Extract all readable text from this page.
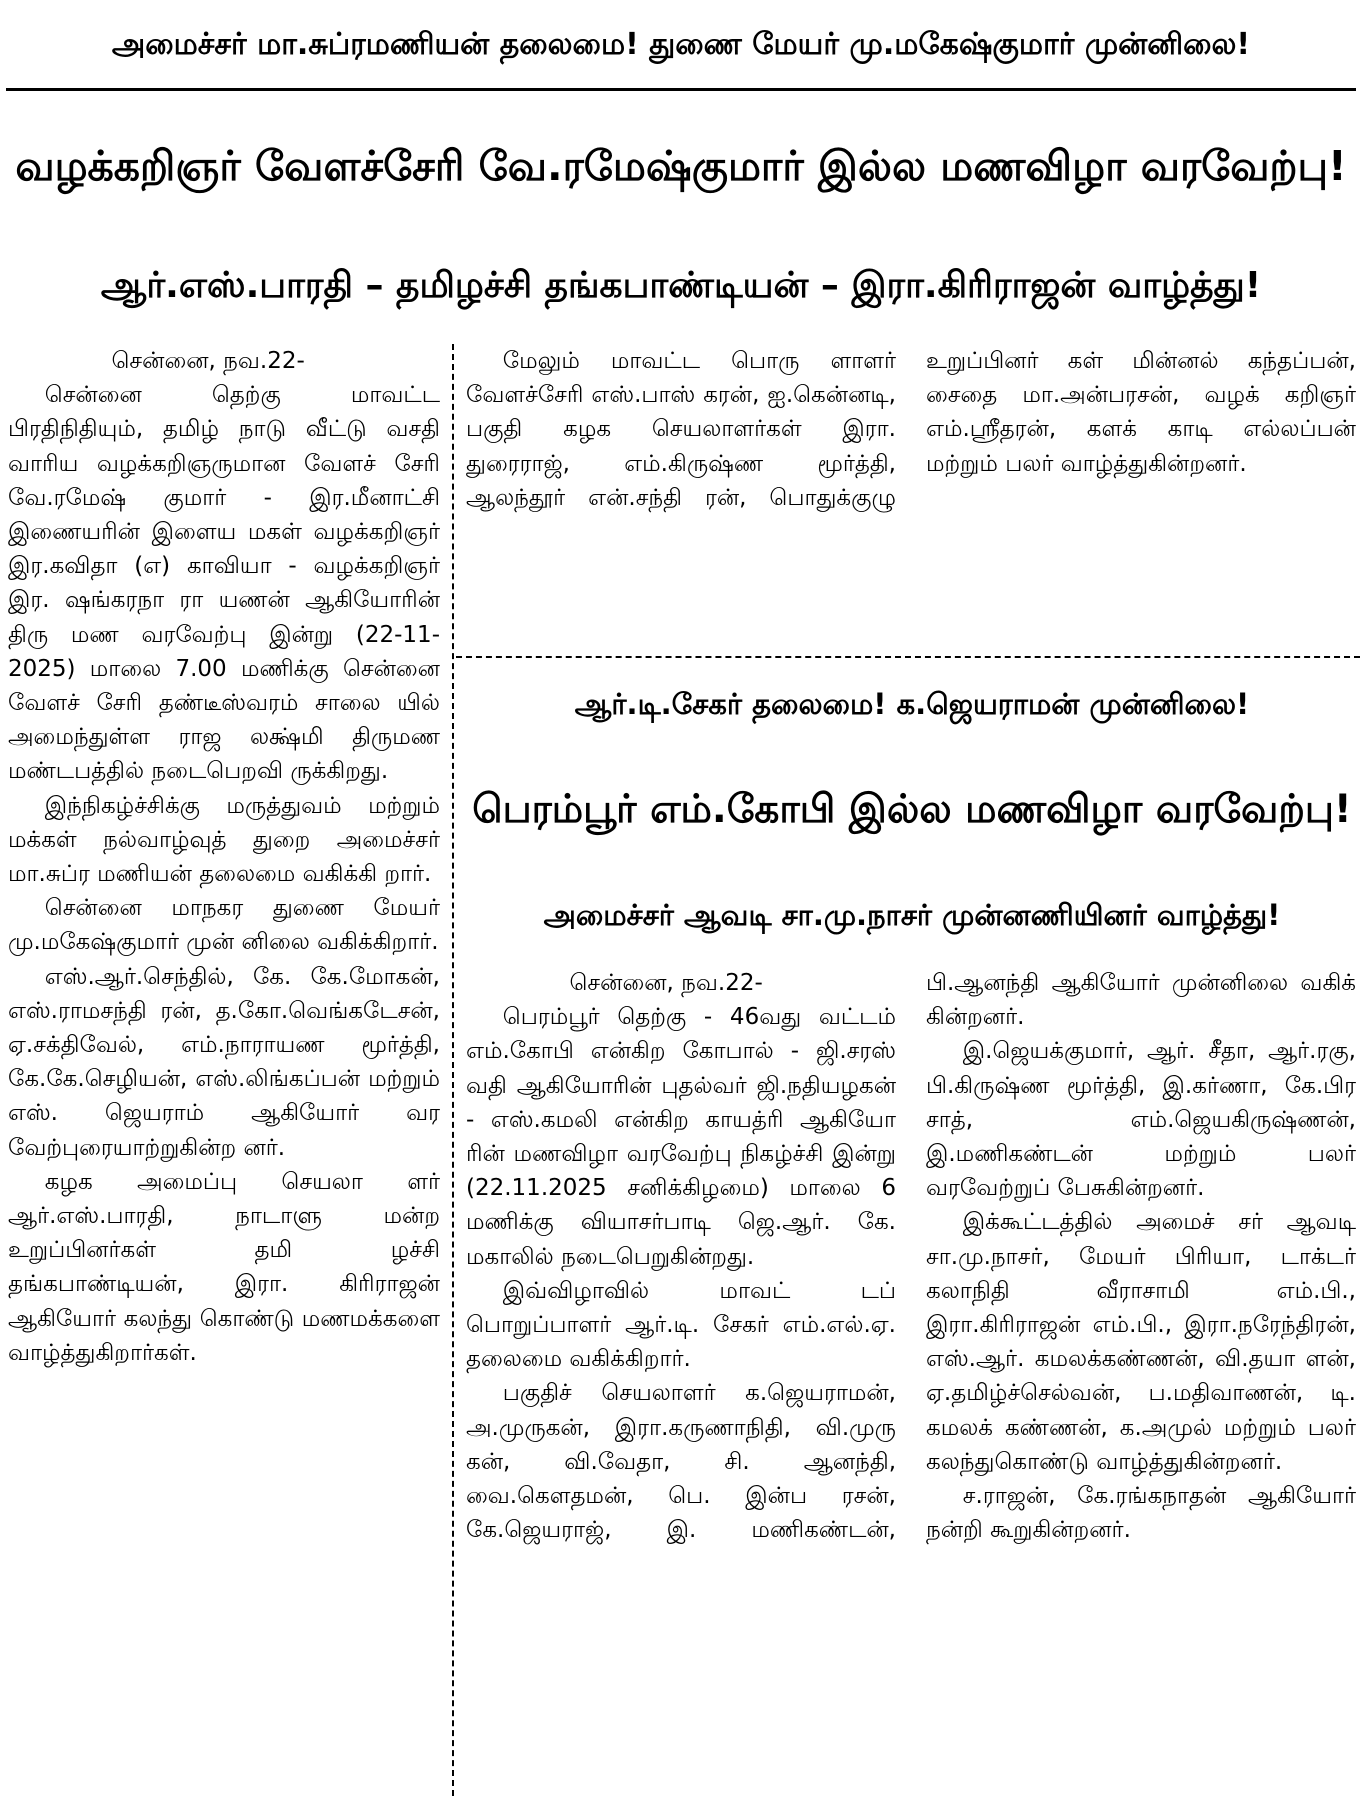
அமைச்சர் மா.சுப்ரமணியன் தலைமை! துணை மேயர் மு.மகேஷ்குமார் முன்னிலை!
வழக்கறிஞர் வேளச்சேரி வே.ரமேஷ்குமார் இல்ல மணவிழா வரவேற்பு!
ஆர்.எஸ்.பாரதி – தமிழச்சி தங்கபாண்டியன் – இரா.கிரிராஜன் வாழ்த்து!

சென்னை, நவ.22-

சென்னை தெற்கு மாவட்ட பிரதிநிதியும், தமிழ் நாடு வீட்டு வசதி வாரிய வழக்கறிஞருமான வேளச் சேரி வே.ரமேஷ் குமார் - இர.மீனாட்சி இணையரின் இளைய மகள் வழக்கறிஞர் இர.கவிதா (எ) காவியா - வழக்கறிஞர் இர. ஷங்கரநா ரா யணன் ஆகியோரின் திரு மண வரவேற்பு இன்று (22-11-2025) மாலை 7.00 மணிக்கு சென்னை வேளச் சேரி தண்டீஸ்வரம் சாலை யில் அமைந்துள்ள ராஜ லக்ஷ்மி திருமண மண்டபத்தில் நடைபெறவி ருக்கிறது.

இந்நிகழ்ச்சிக்கு மருத்துவம் மற்றும் மக்கள் நல்வாழ்வுத் துறை அமைச்சர் மா.சுப்ர மணியன் தலைமை வகிக்கி றார்.

சென்னை மாநகர துணை மேயர் மு.மகேஷ்குமார் முன் னிலை வகிக்கிறார்.

எஸ்.ஆர்.செந்தில், கே. கே.மோகன், எஸ்.ராமசந்தி ரன், த.கோ.வெங்கடேசன், ஏ.சக்திவேல், எம்.நாராயண மூர்த்தி, கே.கே.செழியன், எஸ்.லிங்கப்பன் மற்றும் எஸ். ஜெயராம் ஆகியோர் வர வேற்புரையாற்றுகின்ற னர்.

கழக அமைப்பு செயலா ளர் ஆர்.எஸ்.பாரதி, நாடாளு மன்ற உறுப்பினர்கள் தமி ழச்சி தங்கபாண்டியன், இரா. கிரிராஜன் ஆகியோர் கலந்து கொண்டு மணமக்களை வாழ்த்துகிறார்கள்.

மேலும் மாவட்ட பொரு ளாளர் வேளச்சேரி எஸ்.பாஸ் கரன், ஐ.கென்னடி, பகுதி கழக செயலாளர்கள் இரா. துரைராஜ், எம்.கிருஷ்ண மூர்த்தி, ஆலந்தூர் என்.சந்தி ரன், பொதுக்குழு உறுப்பினர் கள் மின்னல் கந்தப்பன், சைதை மா.அன்பரசன், வழக் கறிஞர் எம்.ஸ்ரீதரன், களக் காடி எல்லப்பன் மற்றும் பலர் வாழ்த்துகின்றனர்.

ஆர்.டி.சேகர் தலைமை! க.ஜெயராமன் முன்னிலை!
பெரம்பூர் எம்.கோபி இல்ல மணவிழா வரவேற்பு!
அமைச்சர் ஆவடி சா.மு.நாசர் முன்னணியினர் வாழ்த்து!

சென்னை, நவ.22-

பெரம்பூர் தெற்கு - 46வது வட்டம் எம்.கோபி என்கிற கோபால் - ஜி.சரஸ் வதி ஆகியோரின் புதல்வர் ஜி.நதியழகன் - எஸ்.கமலி என்கிற காயத்ரி ஆகியோ ரின் மணவிழா வரவேற்பு நிகழ்ச்சி இன்று (22.11.2025 சனிக்கிழமை) மாலை 6 மணிக்கு வியாசர்பாடி ஜெ.ஆர். கே. மகாலில் நடைபெறுகின்றது.

இவ்விழாவில் மாவட் டப் பொறுப்பாளர் ஆர்.டி. சேகர் எம்.எல்.ஏ. தலைமை வகிக்கிறார்.

பகுதிச் செயலாளர் க.ஜெயராமன், அ.முருகன், இரா.கருணாநிதி, வி.முரு கன், வி.வேதா, சி. ஆனந்தி, வை.கௌதமன், பெ. இன்ப ரசன், கே.ஜெயராஜ், இ. மணிகண்டன், பி.ஆனந்தி ஆகியோர் முன்னிலை வகிக் கின்றனர்.

இ.ஜெயக்குமார், ஆர். சீதா, ஆர்.ரகு, பி.கிருஷ்ண மூர்த்தி, இ.கர்ணா, கே.பிர சாத், எம்.ஜெயகிருஷ்ணன், இ.மணிகண்டன் மற்றும் பலர் வரவேற்றுப் பேசுகின்றனர்.

இக்கூட்டத்தில் அமைச் சர் ஆவடி சா.மு.நாசர், மேயர் பிரியா, டாக்டர் கலாநிதி வீராசாமி எம்.பி., இரா.கிரிராஜன் எம்.பி., இரா.நரேந்திரன், எஸ்.ஆர். கமலக்கண்ணன், வி.தயா ளன், ஏ.தமிழ்ச்செல்வன், ப.மதிவாணன், டி. கமலக் கண்ணன், க.அமுல் மற்றும் பலர் கலந்துகொண்டு வாழ்த்துகின்றனர்.

ச.ராஜன், கே.ரங்கநாதன் ஆகியோர் நன்றி கூறுகின்றனர்.
